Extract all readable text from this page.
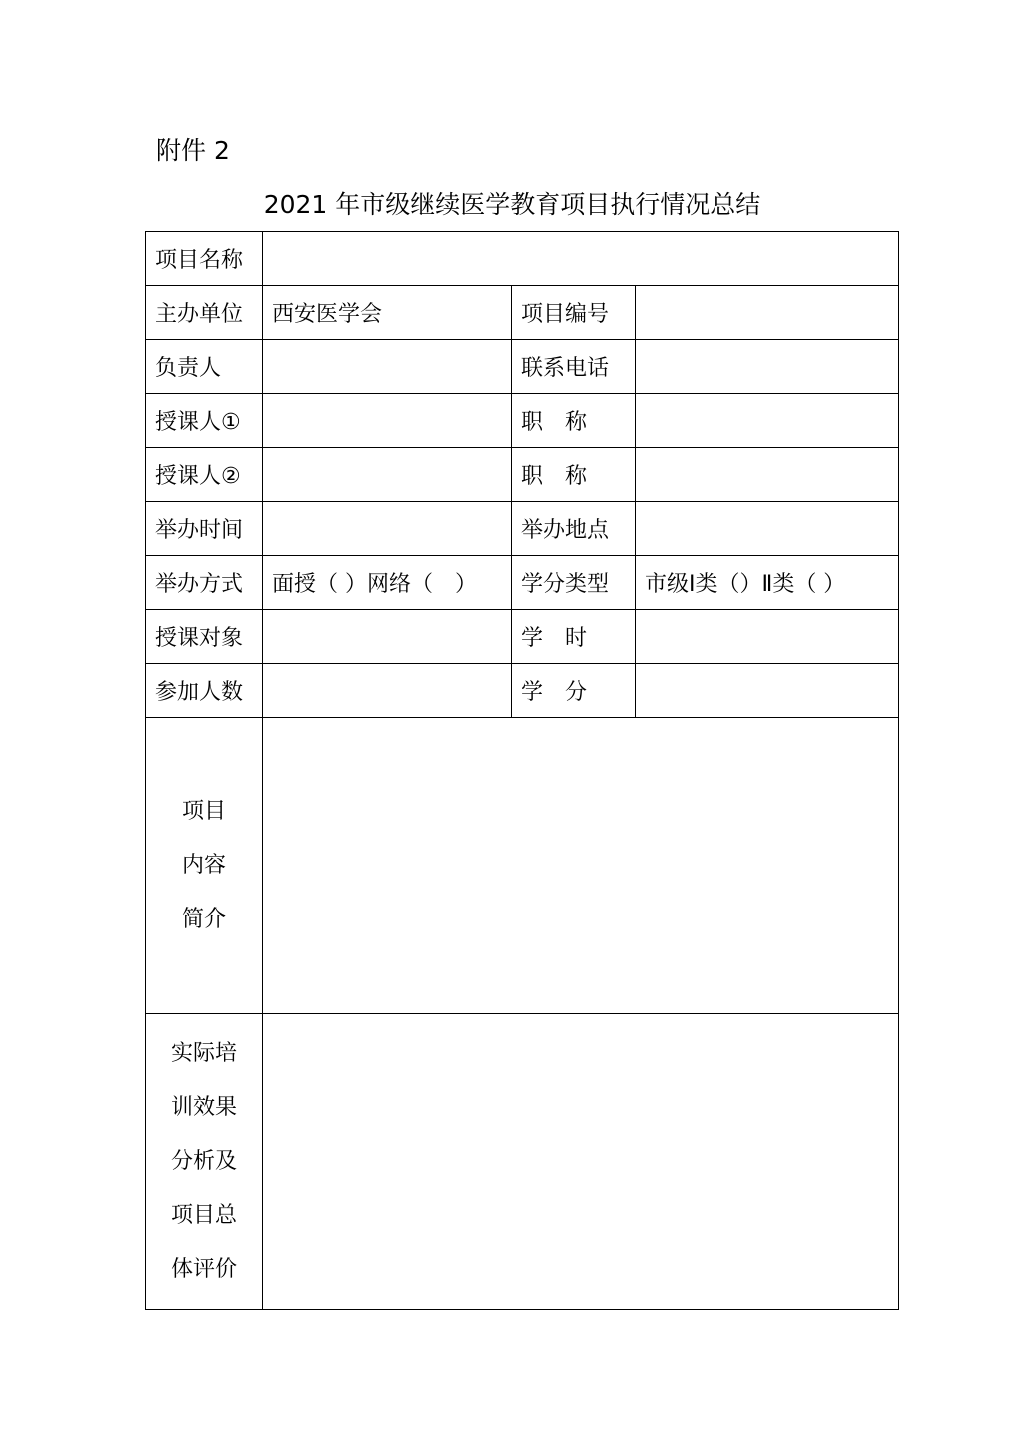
附件 2
2021 年市级继续医学教育项目执行情况总结
项目名称			
主办单位	西安医学会	项目编号	
负责人		联系电话	
授课人①		职　称	
授课人②		职　称	
举办时间		举办地点	
举办方式	面授（ ）网络（　）	学分类型	市级Ⅰ类（）Ⅱ类（ ）
授课对象		学　时	
参加人数		学　分	

项目
内容
简介			

实际培
训效果
分析及
项目总
体评价			
